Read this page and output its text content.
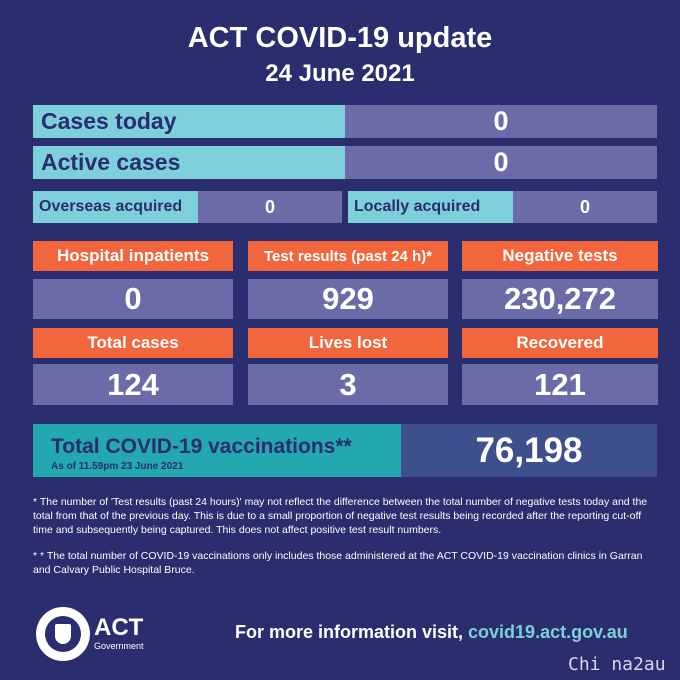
ACT COVID-19 update
24 June 2021
Cases today	0
Active cases	0
Overseas acquired	0	Locally acquired	0
Hospital inpatients	Test results (past 24 h)*	Negative tests
0	929	230,272
Total cases	Lives lost	Recovered
124	3	121
Total COVID-19 vaccinations**
As of 11.59pm 23 June 2021	76,198
* The number of 'Test results (past 24 hours)' may not reflect the difference between the total number of negative tests today and the total from that of the previous day. This is due to a small proportion of negative test results being recorded after the reporting cut-off time and subsequently being captured. This does not affect positive test result numbers.
* * The total number of COVID-19 vaccinations only includes those administered at the ACT COVID-19 vaccination clinics in Garran and Calvary Public Hospital Bruce.
ACT
Government
For more information visit, covid19.act.gov.au
Chi na2au
